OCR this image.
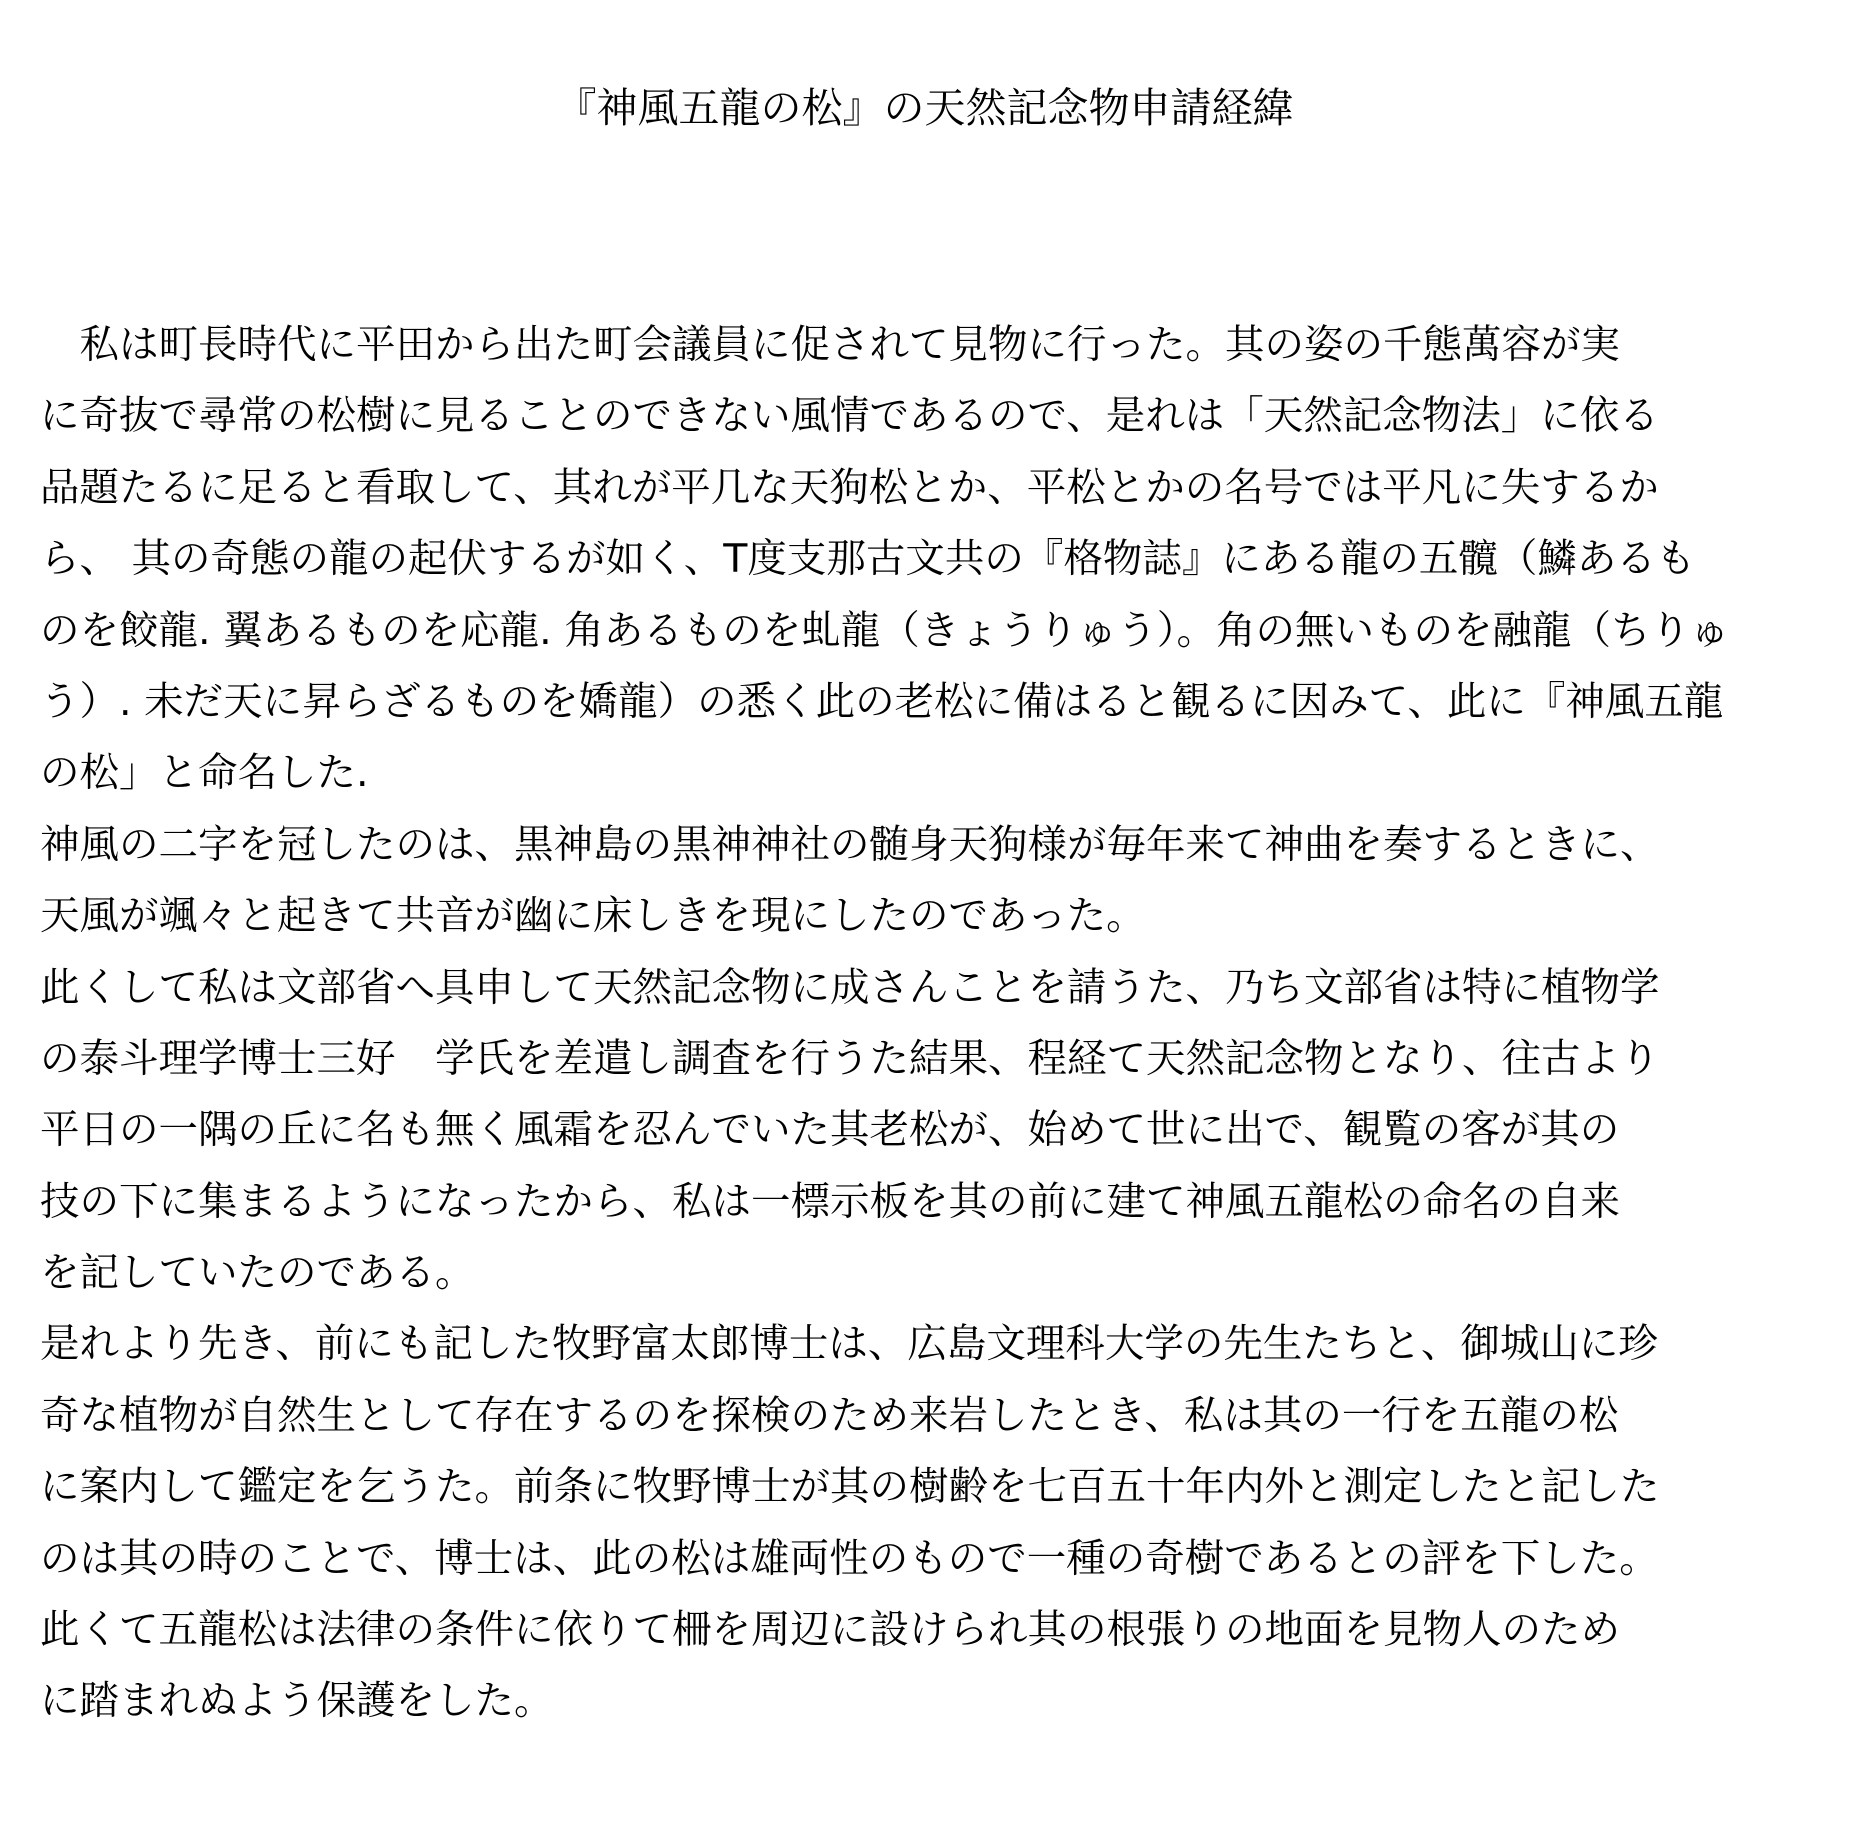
『神風五龍の松』の天然記念物申請経緯
　私は町長時代に平田から出た町会議員に促されて見物に行った。其の姿の千態萬容が実
に奇抜で尋常の松樹に見ることのできない風情であるので、是れは「天然記念物法」に依る
品題たるに足ると看取して、其れが平几な天狗松とか、平松とかの名号では平凡に失するか
ら、 其の奇態の龍の起伏するが如く、T度支那古文共の『格物誌』にある龍の五髖（鱗あるも
のを餃龍. 翼あるものを応龍. 角あるものを虬龍（きょうりゅう）。角の無いものを融龍（ちりゅ
う）. 未だ天に昇らざるものを嬌龍）の悉く此の老松に備はると観るに因みて、此に『神風五龍
の松」と命名した.
神風の二字を冠したのは、黒神島の黒神神社の髄身天狗様が毎年来て神曲を奏するときに、
天風が颯々と起きて共音が幽に床しきを現にしたのであった。
此くして私は文部省へ具申して天然記念物に成さんことを請うた、乃ち文部省は特に植物学
の泰斗理学博士三好　学氏を差遣し調査を行うた結果、程経て天然記念物となり、往古より
平日の一隅の丘に名も無く風霜を忍んでいた其老松が、始めて世に出で、観覧の客が其の
技の下に集まるようになったから、私は一標示板を其の前に建て神風五龍松の命名の自来
を記していたのである。
是れより先き、前にも記した牧野富太郎博士は、広島文理科大学の先生たちと、御城山に珍
奇な植物が自然生として存在するのを探検のため来岩したとき、私は其の一行を五龍の松
に案内して鑑定を乞うた。前条に牧野博士が其の樹齢を七百五十年内外と測定したと記した
のは其の時のことで、博士は、此の松は雄両性のもので一種の奇樹であるとの評を下した。
此くて五龍松は法律の条件に依りて柵を周辺に設けられ其の根張りの地面を見物人のため
に踏まれぬよう保護をした。
